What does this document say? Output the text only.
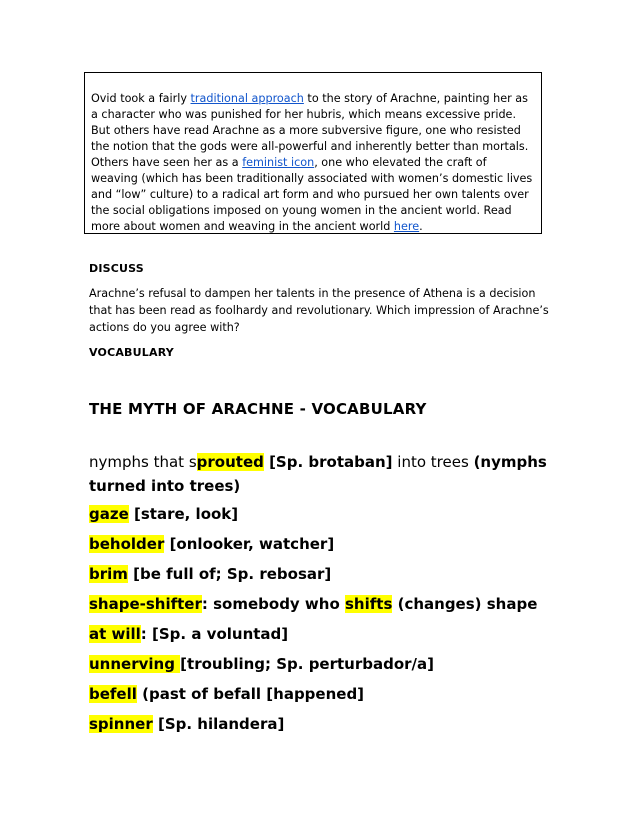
Ovid took a fairly traditional approach to the story of Arachne, painting her as a character who was punished for her hubris, which means excessive pride. But others have read Arachne as a more subversive figure, one who resisted the notion that the gods were all-powerful and inherently better than mortals. Others have seen her as a feminist icon, one who elevated the craft of weaving (which has been traditionally associated with women’s domestic lives and “low” culture) to a radical art form and who pursued her own talents over the social obligations imposed on young women in the ancient world. Read more about women and weaving in the ancient world here.
DISCUSS
Arachne’s refusal to dampen her talents in the presence of Athena is a decision that has been read as foolhardy and revolutionary. Which impression of Arachne’s actions do you agree with?
VOCABULARY
THE MYTH OF ARACHNE - VOCABULARY
nymphs that sprouted [Sp. brotaban] into trees (nymphs turned into trees)
gaze [stare, look]
beholder [onlooker, watcher]
brim [be full of; Sp. rebosar]
shape-shifter: somebody who shifts (changes) shape
at will: [Sp. a voluntad]
unnerving [troubling; Sp. perturbador/a]
befell (past of befall [happened]
spinner [Sp. hilandera]
